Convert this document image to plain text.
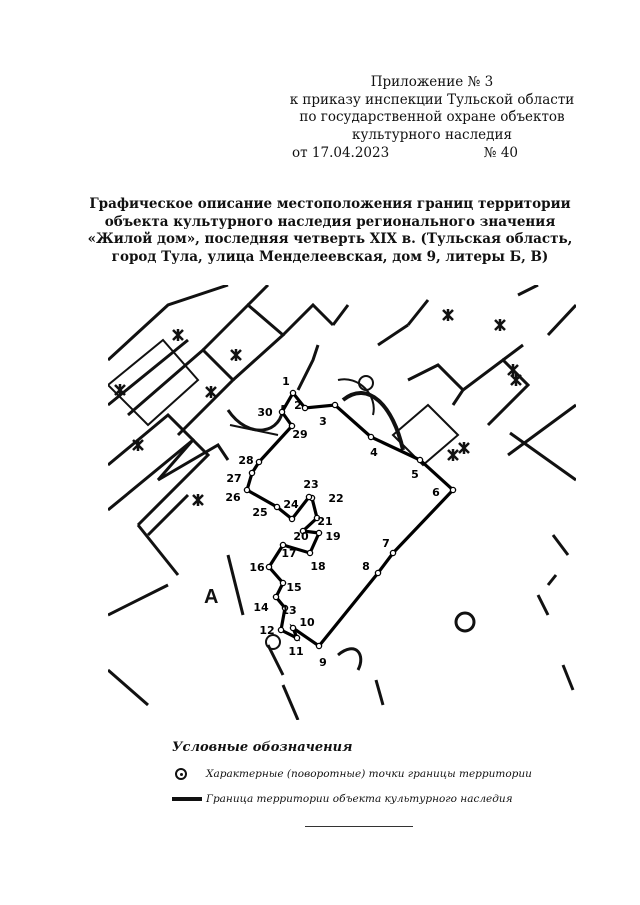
Приложение № 3
к приказу инспекции Тульской области
по государственной охране объектов
культурного наследия
от 17.04.2023	№ 40
Графическое описание местоположения границ территории
объекта культурного наследия регионального значения
«Жилой дом», последняя четверть XIX в. (Тульская область,
город Тула, улица Менделеевская, дом 9, литеры Б, В)
A
1
2
3
4
5
6
7
8
9
10
11
12
13
14
15
16
17
18
19
20
21
22
23
24
25
26
27
28
29
30
Условные обозначения
Характерные (поворотные) точки границы территории
Граница территории объекта культурного наследия
